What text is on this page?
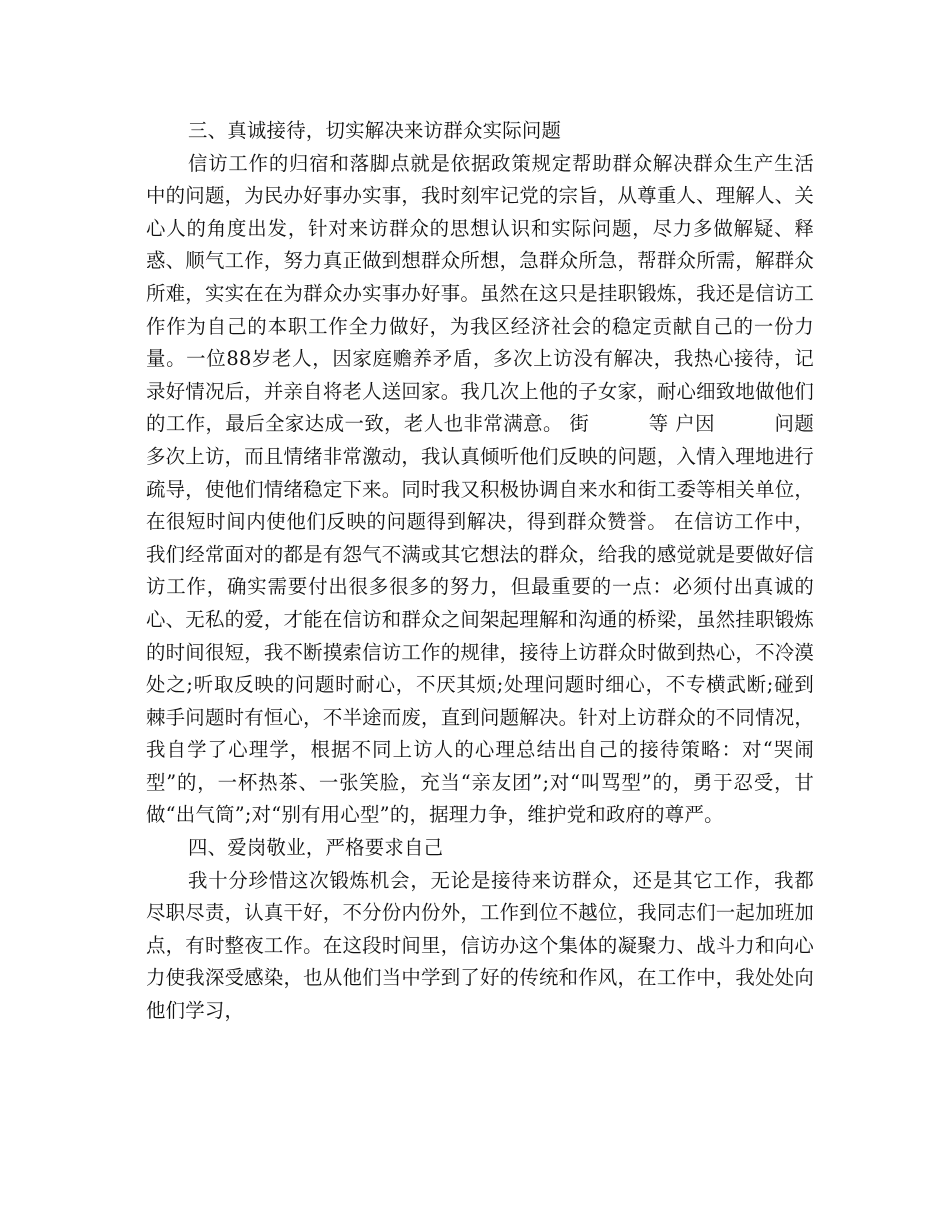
三、真诚接待，切实解决来访群众实际问题

信访工作的归宿和落脚点就是依据政策规定帮助群众解决群众生产生活中的问题，为民办好事办实事，我时刻牢记党的宗旨，从尊重人、理解人、关心人的角度出发，针对来访群众的思想认识和实际问题，尽力多做解疑、释惑、顺气工作，努力真正做到想群众所想，急群众所急，帮群众所需，解群众所难，实实在在为群众办实事办好事。虽然在这只是挂职锻炼，我还是信访工作作为自己的本职工作全力做好，为我区经济社会的稳定贡献自己的一份力量。一位88岁老人，因家庭赡养矛盾，多次上访没有解决，我热心接待，记录好情况后，并亲自将老人送回家。我几次上他的子女家，耐心细致地做他们的工作，最后全家达成一致，老人也非常满意。 街　　　等 户因　　　问题多次上访，而且情绪非常激动，我认真倾听他们反映的问题，入情入理地进行疏导，使他们情绪稳定下来。同时我又积极协调自来水和街工委等相关单位，在很短时间内使他们反映的问题得到解决，得到群众赞誉。 在信访工作中，我们经常面对的都是有怨气不满或其它想法的群众，给我的感觉就是要做好信访工作，确实需要付出很多很多的努力，但最重要的一点：必须付出真诚的心、无私的爱，才能在信访和群众之间架起理解和沟通的桥梁，虽然挂职锻炼的时间很短，我不断摸索信访工作的规律，接待上访群众时做到热心，不冷漠处之;听取反映的问题时耐心，不厌其烦;处理问题时细心，不专横武断;碰到棘手问题时有恒心，不半途而废，直到问题解决。针对上访群众的不同情况，我自学了心理学，根据不同上访人的心理总结出自己的接待策略：对“哭闹型”的，一杯热茶、一张笑脸，充当“亲友团”;对“叫骂型”的，勇于忍受，甘做“出气筒”;对“别有用心型”的，据理力争，维护党和政府的尊严。

四、爱岗敬业，严格要求自己

我十分珍惜这次锻炼机会，无论是接待来访群众，还是其它工作，我都尽职尽责，认真干好，不分份内份外，工作到位不越位，我同志们一起加班加点，有时整夜工作。在这段时间里，信访办这个集体的凝聚力、战斗力和向心力使我深受感染，也从他们当中学到了好的传统和作风，在工作中，我处处向他们学习，
